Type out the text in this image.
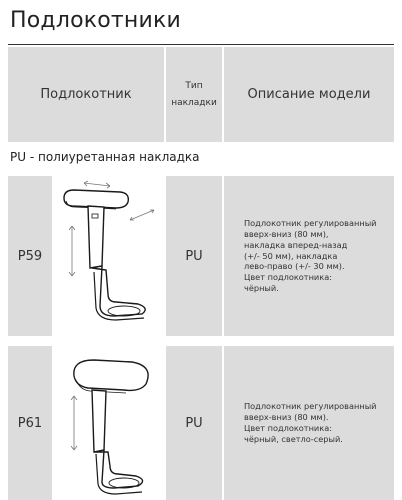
Подлокотники
Подлокотник
Тип
накладки
Описание модели
PU - полиуретанная накладка
P59	PU
Подлокотник регулированный
вверх-вниз (80 мм),
накладка вперед-назад
(+/- 50 мм), накладка
лево-право (+/- 30 мм).
Цвет подлокотника:
чёрный.
P61	PU
Подлокотник регулированный
вверх-вниз (80 мм).
Цвет подлокотника:
чёрный, светло-серый.
